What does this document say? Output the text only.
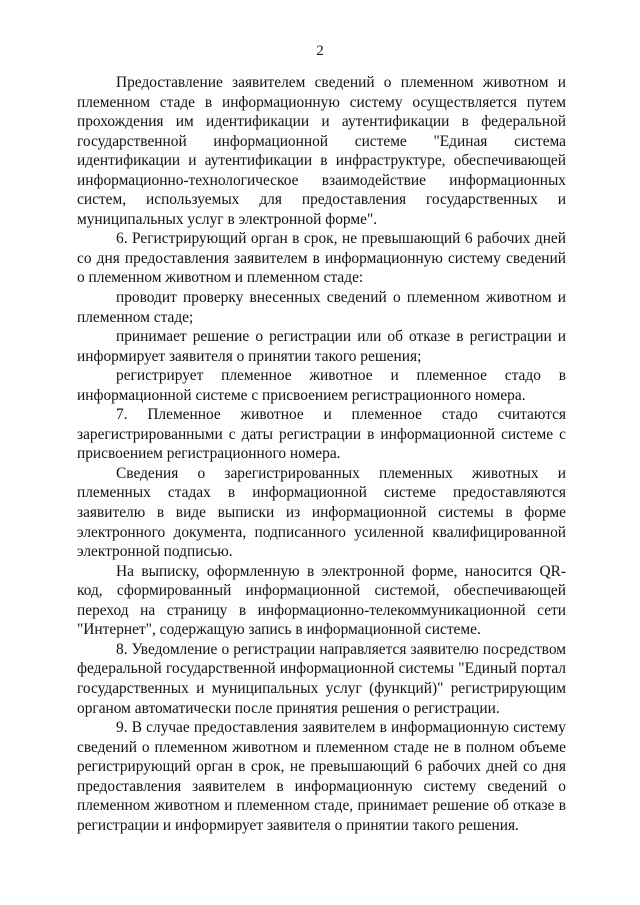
2

Предоставление заявителем сведений о племенном животном и племенном стаде в информационную систему осуществляется путем прохождения им идентификации и аутентификации в федеральной государственной информационной системе "Единая система идентификации и аутентификации в инфраструктуре, обеспечивающей информационно-технологическое взаимодействие информационных систем, используемых для предоставления государственных и муниципальных услуг в электронной форме".

6. Регистрирующий орган в срок, не превышающий 6 рабочих дней со дня предоставления заявителем в информационную систему сведений о племенном животном и племенном стаде:

проводит проверку внесенных сведений о племенном животном и племенном стаде;

принимает решение о регистрации или об отказе в регистрации и информирует заявителя о принятии такого решения;

регистрирует племенное животное и племенное стадо в информационной системе с присвоением регистрационного номера.

7. Племенное животное и племенное стадо считаются зарегистрированными с даты регистрации в информационной системе с присвоением регистрационного номера.

Сведения о зарегистрированных племенных животных и племенных стадах в информационной системе предоставляются заявителю в виде выписки из информационной системы в форме электронного документа, подписанного усиленной квалифицированной электронной подписью.

На выписку, оформленную в электронной форме, наносится QR-код, сформированный информационной системой, обеспечивающей переход на страницу в информационно-телекоммуникационной сети "Интернет", содержащую запись в информационной системе.

8. Уведомление о регистрации направляется заявителю посредством федеральной государственной информационной системы "Единый портал государственных и муниципальных услуг (функций)" регистрирующим органом автоматически после принятия решения о регистрации.

9. В случае предоставления заявителем в информационную систему сведений о племенном животном и племенном стаде не в полном объеме регистрирующий орган в срок, не превышающий 6 рабочих дней со дня предоставления заявителем в информационную систему сведений о племенном животном и племенном стаде, принимает решение об отказе в регистрации и информирует заявителя о принятии такого решения.
